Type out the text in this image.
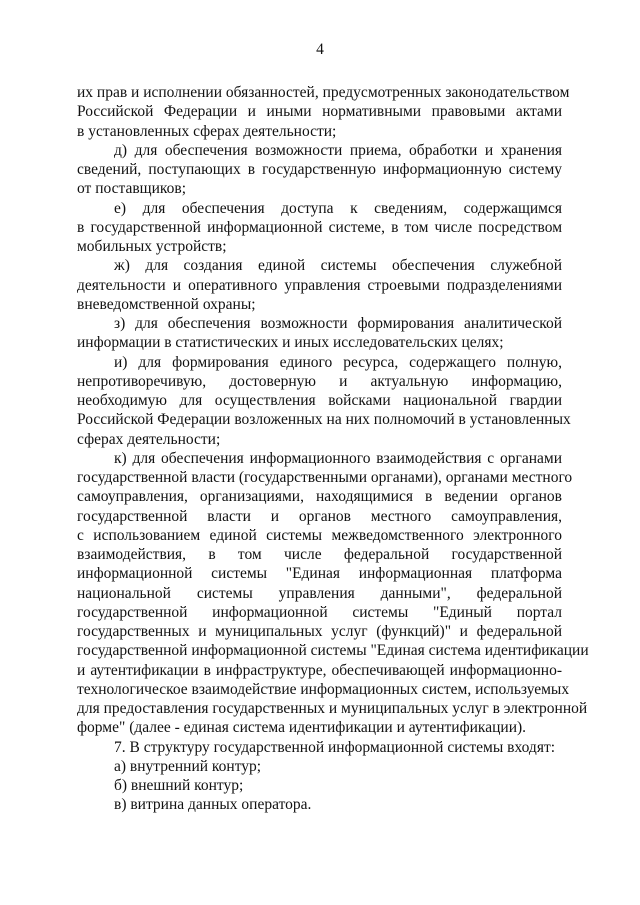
4
их прав и исполнении обязанностей, предусмотренных законодательством
Российской Федерации и иными нормативными правовыми актами
в установленных сферах деятельности;
д) для обеспечения возможности приема, обработки и хранения
сведений, поступающих в государственную информационную систему
от поставщиков;
е) для обеспечения доступа к сведениям, содержащимся
в государственной информационной системе, в том числе посредством
мобильных устройств;
ж) для создания единой системы обеспечения служебной
деятельности и оперативного управления строевыми подразделениями
вневедомственной охраны;
з) для обеспечения возможности формирования аналитической
информации в статистических и иных исследовательских целях;
и) для формирования единого ресурса, содержащего полную,
непротиворечивую, достоверную и актуальную информацию,
необходимую для осуществления войсками национальной гвардии
Российской Федерации возложенных на них полномочий в установленных
сферах деятельности;
к) для обеспечения информационного взаимодействия с органами
государственной власти (государственными органами), органами местного
самоуправления, организациями, находящимися в ведении органов
государственной власти и органов местного самоуправления,
с использованием единой системы межведомственного электронного
взаимодействия, в том числе федеральной государственной
информационной системы "Единая информационная платформа
национальной системы управления данными", федеральной
государственной информационной системы "Единый портал
государственных и муниципальных услуг (функций)" и федеральной
государственной информационной системы "Единая система идентификации
и аутентификации в инфраструктуре, обеспечивающей информационно-
технологическое взаимодействие информационных систем, используемых
для предоставления государственных и муниципальных услуг в электронной
форме" (далее - единая система идентификации и аутентификации).
7. В структуру государственной информационной системы входят:
а) внутренний контур;
б) внешний контур;
в) витрина данных оператора.
